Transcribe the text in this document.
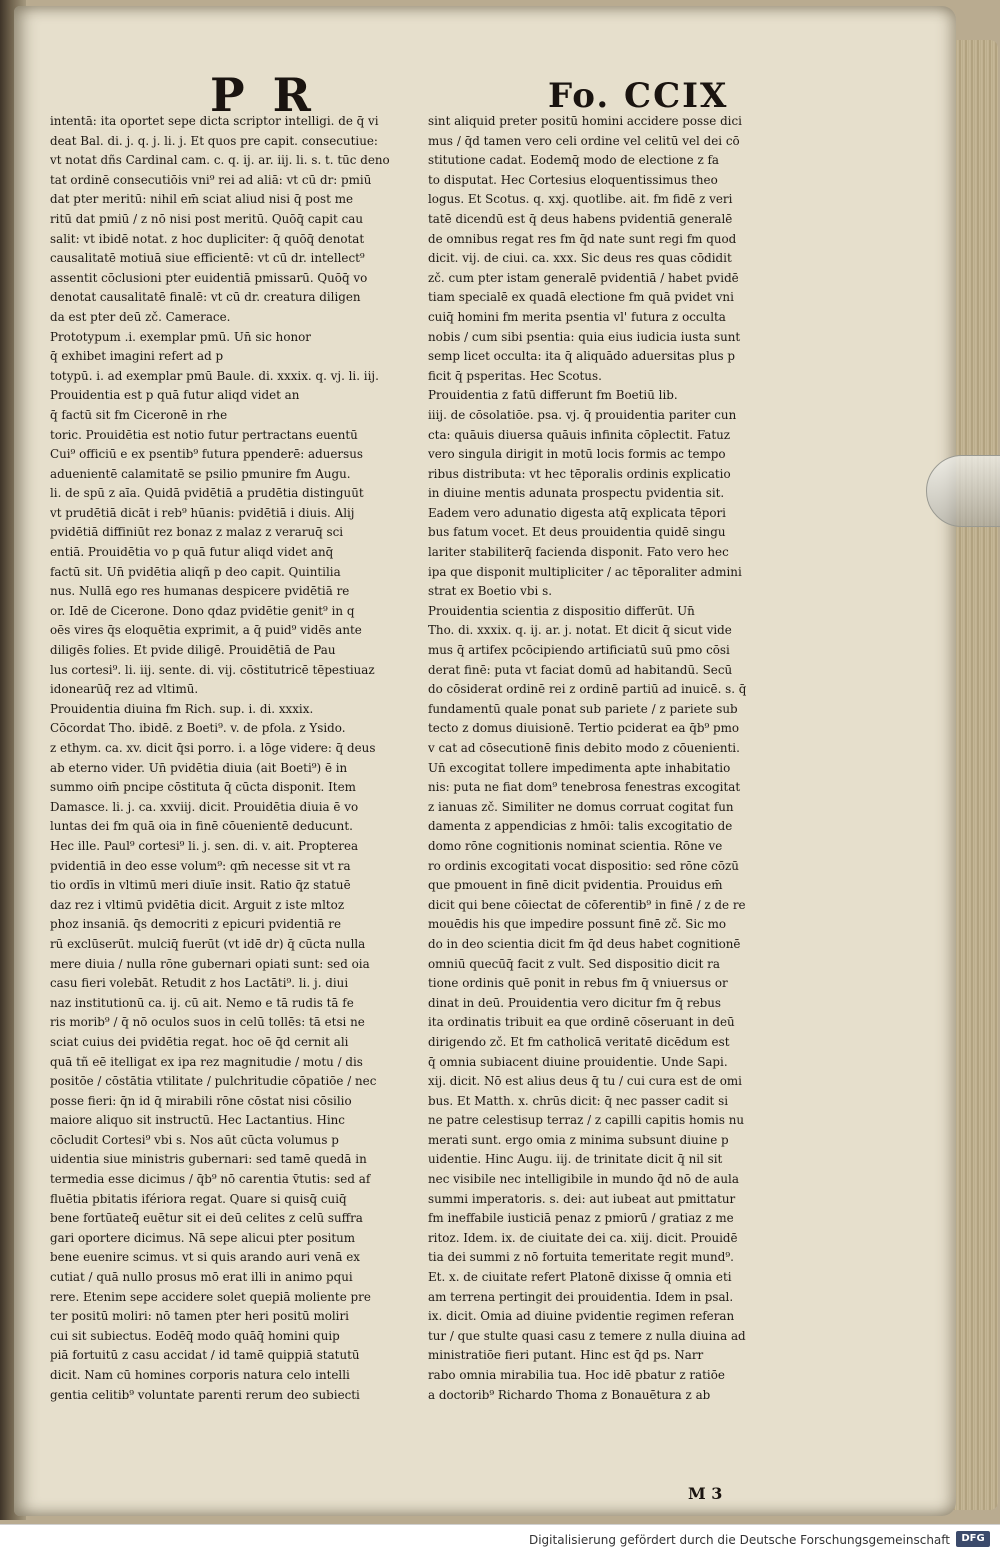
P R	Fo. CCIX

intentā: ita oportet sepe dicta scriptor intelligi. de q̄ vi

deat Bal. di. j. q. j. li. j. Et quos pre capit. consecutiue:

vt notat dñs Cardinal cam. c. q. ij. ar. iij. li. s. t. tūc deno

tat ordinē consecutiōis vni⁹ rei ad aliā: vt cū dr: pmiū

dat pter meritū: nihil em̄ sciat aliud nisi q̄ post me

ritū dat pmiū / z nō nisi post meritū. Quōq̄ capit cau

salit: vt ibidē notat. z hoc dupliciter: q̄ quōq̄ denotat

causalitatē motiuā siue efficientē: vt cū dr. intellect⁹

assentit cōclusioni pter euidentiā pmissarū. Quōq̄ vo

denotat causalitatē finalē: vt cū dr. creatura diligen

da est pter deū zč. Camerace.

Prototypum .i. exemplar pmū. Un̄ sic honor

q̄ exhibet imagini refert ad p

totypū. i. ad exemplar pmū Baule. di. xxxix. q. vj. li. iij.

Prouidentia est p quā futur aliqd videt an

q̄ factū sit fm Ciceronē in rhe

toric. Prouidētia est notio futur pertractans euentū

Cui⁹ officiū e ex psentib⁹ futura ppenderē: aduersus

aduenientē calamitatē se psilio pmunire fm Augu.

li. de spū z aīa. Quidā pvidētiā a prudētia distinguūt

vt prudētiā dicāt i reb⁹ hūanis: pvidētiā i diuis. Alij

pvidētiā diffiniūt rez bonaz z malaz z veraruq̄ sci

entiā. Prouidētia vo p quā futur aliqd videt anq̄

factū sit. Un̄ pvidētia aliqñ p deo capit. Quintilia

nus. Nullā ego res humanas despicere pvidētiā re

or. Idē de Cicerone. Dono qdaz pvidētie genit⁹ in q

oēs vires q̄s eloquētia exprimit, a q̄ puid⁹ vidēs ante

diligēs folies. Et pvide diligē. Prouidētiā de Pau

lus cortesi⁹. li. iij. sente. di. vij. cōstitutricē tēpestiuaz

idonearūq̄ rez ad vltimū.

Prouidentia diuina fm Rich. sup. i. di. xxxix.

Cōcordat Tho. ibidē. z Boeti⁹. v. de pfola. z Ysido.

z ethym. ca. xv. dicit q̄si porro. i. a lōge videre: q̄ deus

ab eterno vider. Un̄ pvidētia diuia (ait Boeti⁹) ē in

summo oim̄ pncipe cōstituta q̄ cūcta disponit. Item

Damasce. li. j. ca. xxviij. dicit. Prouidētia diuia ē vo

luntas dei fm quā oia in finē cōuenientē deducunt.

Hec ille. Paul⁹ cortesi⁹ li. j. sen. di. v. ait. Propterea

pvidentiā in deo esse volum⁹: qm̄ necesse sit vt ra

tio ordīs in vltimū meri diuīe insit. Ratio q̄z statuē

daz rez i vltimū pvidētia dicit. Arguit z iste mltoz

phoz insaniā. q̄s democriti z epicuri pvidentiā re

rū exclūserūt. mulciq̄ fuerūt (vt idē dr) q̄ cūcta nulla

mere diuia / nulla rōne gubernari opiati sunt: sed oia

casu fieri volebāt. Retudit z hos Lactāti⁹. li. j. diui

naz institutionū ca. ij. cū ait. Nemo e tā rudis tā fe

ris morib⁹ / q̄ nō oculos suos in celū tollēs: tā etsi ne

sciat cuius dei pvidētia regat. hoc oē q̄d cernit ali

quā tñ eē itelligat ex ipa rez magnitudie / motu / dis

positōe / cōstātia vtilitate / pulchritudie cōpatiōe / nec

posse fieri: q̄n id q̄ mirabili rōne cōstat nisi cōsilio

maiore aliquo sit instructū. Hec Lactantius. Hinc

cōcludit Cortesi⁹ vbi s. Nos aūt cūcta volumus p

uidentia siue ministris gubernari: sed tamē quedā in

termedia esse dicimus / q̄b⁹ nō carentia v̄tutis: sed af

fluētia pbitatis ifériora regat. Quare si quisq̄ cuiq̄

bene fortūateq̄ euētur sit ei deū celites z celū suffra

gari oportere dicimus. Nā sepe alicui pter positum

bene euenire scimus. vt si quis arando auri venā ex

cutiat / quā nullo prosus mō erat illi in animo pqui

rere. Etenim sepe accidere solet quepiā moliente pre

ter positū moliri: nō tamen pter heri positū moliri

cui sit subiectus. Eodēq̄ modo quāq̄ homini quip

piā fortuitū z casu accidat / id tamē quippiā statutū

dicit. Nam cū homines corporis natura celo intelli

gentia celitib⁹ voluntate parenti rerum deo subiecti

sint aliquid preter positū homini accidere posse dici

mus / q̄d tamen vero celi ordine vel celitū vel dei cō

stitutione cadat. Eodemq̄ modo de electione z fa

to disputat. Hec Cortesius eloquentissimus theo

logus. Et Scotus. q. xxj. quotlibe. ait. fm fidē z veri

tatē dicendū est q̄ deus habens pvidentiā generalē

de omnibus regat res fm q̄d nate sunt regi fm quod

dicit. vij. de ciui. ca. xxx. Sic deus res quas cōdidit

zč. cum pter istam generalē pvidentiā / habet pvidē

tiam specialē ex quadā electione fm quā pvidet vni

cuiq̄ homini fm merita psentia vl' futura z occulta

nobis / cum sibi psentia: quia eius iudicia iusta sunt

semp licet occulta: ita q̄ aliquādo aduersitas plus p

ficit q̄ psperitas. Hec Scotus.

Prouidentia z fatū differunt fm Boetiū lib.

iiij. de cōsolatiōe. psa. vj. q̄ prouidentia pariter cun

cta: quāuis diuersa quāuis infinita cōplectit. Fatuz

vero singula dirigit in motū locis formis ac tempo

ribus distributa: vt hec tēporalis ordinis explicatio

in diuine mentis adunata prospectu pvidentia sit.

Eadem vero adunatio digesta atq̄ explicata tēpori

bus fatum vocet. Et deus prouidentia quidē singu

lariter stabiliterq̄ facienda disponit. Fato vero hec

ipa que disponit multipliciter / ac tēporaliter admini

strat ex Boetio vbi s.

Prouidentia scientia z dispositio differūt. Un̄

Tho. di. xxxix. q. ij. ar. j. notat. Et dicit q̄ sicut vide

mus q̄ artifex pcōcipiendo artificiatū suū pmo cōsi

derat finē: puta vt faciat domū ad habitandū. Secū

do cōsiderat ordinē rei z ordinē partiū ad inuicē. s. q̄

fundamentū quale ponat sub pariete / z pariete sub

tecto z domus diuisionē. Tertio pciderat ea q̄b⁹ pmo

v cat ad cōsecutionē finis debito modo z cōuenienti.

Un̄ excogitat tollere impedimenta apte inhabitatio

nis: puta ne fiat dom⁹ tenebrosa fenestras excogitat

z ianuas zč. Similiter ne domus corruat cogitat fun

damenta z appendicias z hmōi: talis excogitatio de

domo rōne cognitionis nominat scientia. Rōne ve

ro ordinis excogitati vocat dispositio: sed rōne cōzū

que pmouent in finē dicit pvidentia. Prouidus em̄

dicit qui bene cōiectat de cōferentib⁹ in finē / z de re

mouēdis his que impedire possunt finē zč. Sic mo

do in deo scientia dicit fm q̄d deus habet cognitionē

omniū quecūq̄ facit z vult. Sed dispositio dicit ra

tione ordinis quē ponit in rebus fm q̄ vniuersus or

dinat in deū. Prouidentia vero dicitur fm q̄ rebus

ita ordinatis tribuit ea que ordinē cōseruant in deū

dirigendo zč. Et fm catholicā veritatē dicēdum est

q̄ omnia subiacent diuine prouidentie. Unde Sapi.

xij. dicit. Nō est alius deus q̄ tu / cui cura est de omi

bus. Et Matth. x. chrūs dicit: q̄ nec passer cadit si

ne patre celestisup terraz / z capilli capitis homis nu

merati sunt. ergo omia z minima subsunt diuine p

uidentie. Hinc Augu. iij. de trinitate dicit q̄ nil sit

nec visibile nec intelligibile in mundo q̄d nō de aula

summi imperatoris. s. dei: aut iubeat aut pmittatur

fm ineffabile iusticiā penaz z pmiorū / gratiaz z me

ritoz. Idem. ix. de ciuitate dei ca. xiij. dicit. Prouidē

tia dei summi z nō fortuita temeritate regit mund⁹.

Et. x. de ciuitate refert Platonē dixisse q̄ omnia eti

am terrena pertingit dei prouidentia. Idem in psal.

ix. dicit. Omia ad diuine pvidentie regimen referan

tur / que stulte quasi casu z temere z nulla diuina ad

ministratiōe fieri putant. Hinc est q̄d ps. Narr

rabo omnia mirabilia tua. Hoc idē pbatur z ratiōe

a doctorib⁹ Richardo Thoma z Bonauētura z ab

M 3
Digitalisierung gefördert durch die Deutsche Forschungsgemeinschaft	DFG
